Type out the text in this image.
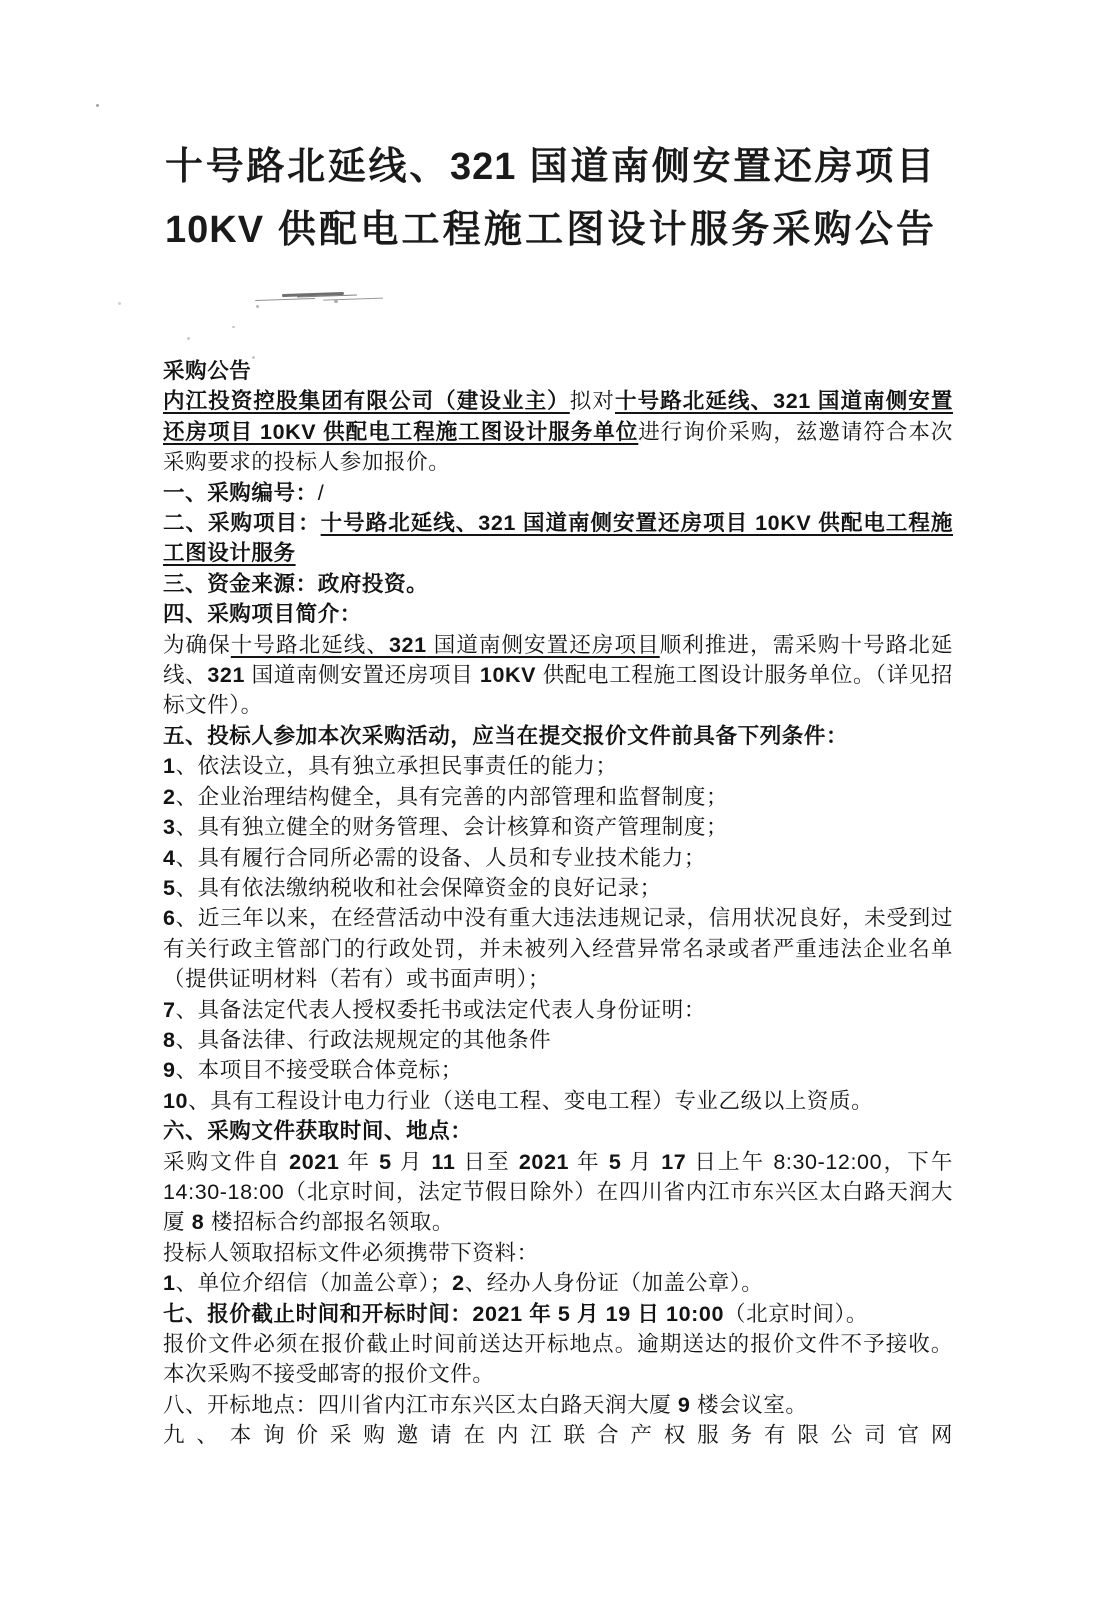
十号路北延线、321 国道南侧安置还房项目
10KV 供配电工程施工图设计服务采购公告

采购公告

内江投资控股集团有限公司（建设业主）拟对十号路北延线、321 国道南侧安置还房项目 10KV 供配电工程施工图设计服务单位进行询价采购，兹邀请符合本次采购要求的投标人参加报价。

一、采购编号：/

二、采购项目：十号路北延线、321 国道南侧安置还房项目 10KV 供配电工程施工图设计服务

三、资金来源：政府投资。

四、采购项目简介：

为确保十号路北延线、321 国道南侧安置还房项目顺利推进，需采购十号路北延线、321 国道南侧安置还房项目 10KV 供配电工程施工图设计服务单位。（详见招标文件）。

五、投标人参加本次采购活动，应当在提交报价文件前具备下列条件：

1、依法设立，具有独立承担民事责任的能力；

2、企业治理结构健全，具有完善的内部管理和监督制度；

3、具有独立健全的财务管理、会计核算和资产管理制度；

4、具有履行合同所必需的设备、人员和专业技术能力；

5、具有依法缴纳税收和社会保障资金的良好记录；

6、近三年以来，在经营活动中没有重大违法违规记录，信用状况良好，未受到过有关行政主管部门的行政处罚，并未被列入经营异常名录或者严重违法企业名单（提供证明材料（若有）或书面声明）；

7、具备法定代表人授权委托书或法定代表人身份证明：

8、具备法律、行政法规规定的其他条件

9、本项目不接受联合体竞标；

10、具有工程设计电力行业（送电工程、变电工程）专业乙级以上资质。

六、采购文件获取时间、地点：

采购文件自 2021 年 5 月 11 日至 2021 年 5 月 17 日上午 8:30-12:00，下午 14:30-18:00（北京时间，法定节假日除外）在四川省内江市东兴区太白路天润大厦 8 楼招标合约部报名领取。

投标人领取招标文件必须携带下资料：

1、单位介绍信（加盖公章）；2、经办人身份证（加盖公章）。

七、报价截止时间和开标时间：2021 年 5 月 19 日 10:00（北京时间）。

报价文件必须在报价截止时间前送达开标地点。逾期送达的报价文件不予接收。本次采购不接受邮寄的报价文件。

八、开标地点：四川省内江市东兴区太白路天润大厦 9 楼会议室。

九、本询价采购邀请在内江联合产权服务有限公司官网
